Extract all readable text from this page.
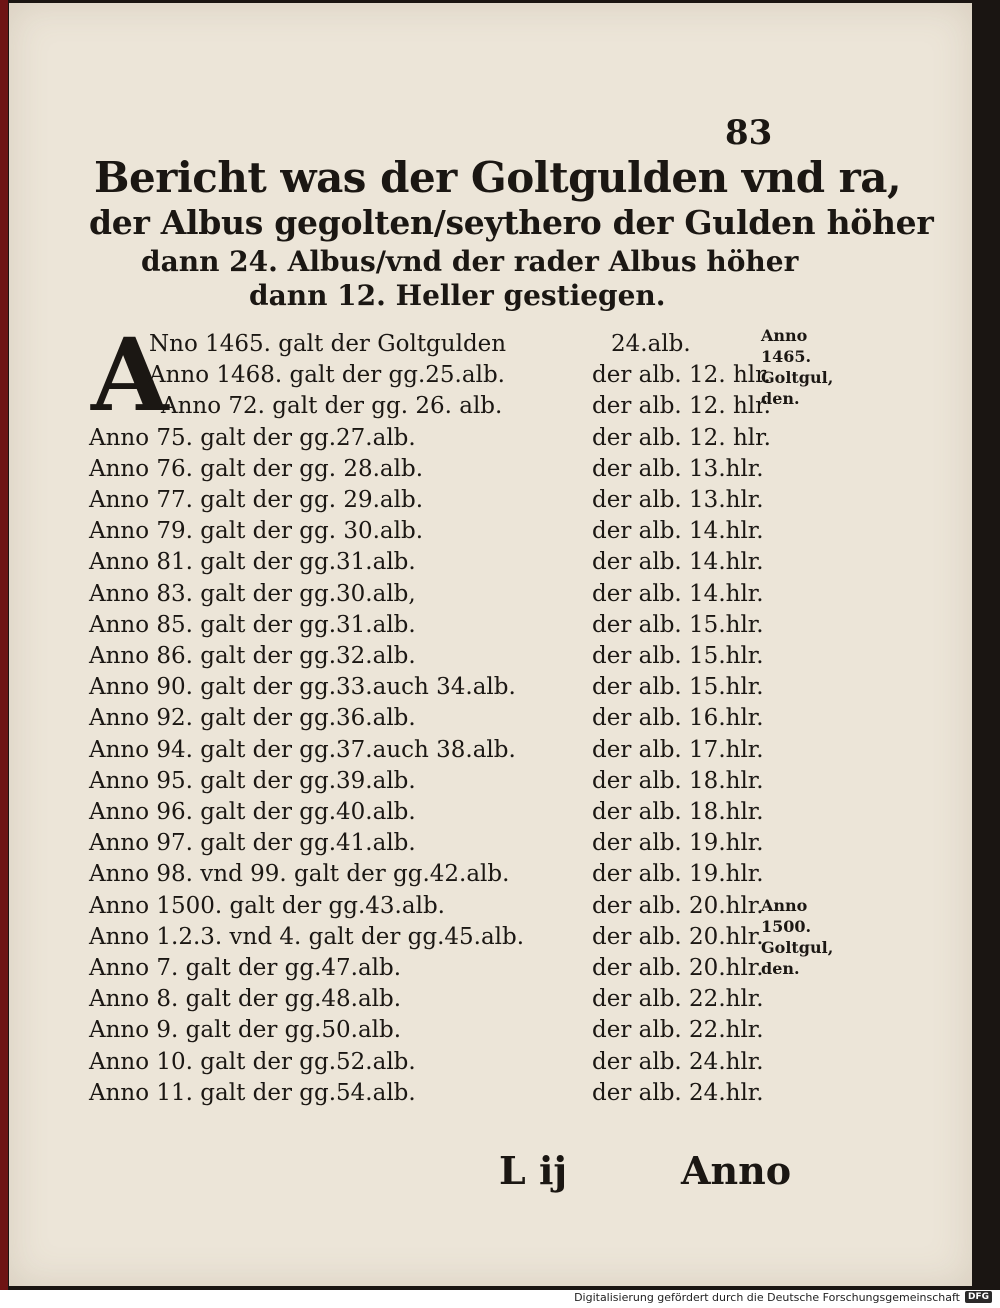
83
Bericht was der Goltgulden vnd ra,
der Albus gegolten/seythero der Gulden höher
dann 24. Albus/vnd der rader Albus höher
dann 12. Heller gestiegen.
A
Nno 1465. galt der Goltgulden	24.alb.
Anno 1468. galt der gg.25.alb.	der alb. 12. hlr.
Anno 72. galt der gg. 26. alb.	der alb. 12. hlr.
Anno 75. galt der gg.27.alb.	der alb. 12. hlr.
Anno 76. galt der gg. 28.alb.	der alb. 13.hlr.
Anno 77. galt der gg. 29.alb.	der alb. 13.hlr.
Anno 79. galt der gg. 30.alb.	der alb. 14.hlr.
Anno 81. galt der gg.31.alb.	der alb. 14.hlr.
Anno 83. galt der gg.30.alb,	der alb. 14.hlr.
Anno 85. galt der gg.31.alb.	der alb. 15.hlr.
Anno 86. galt der gg.32.alb.	der alb. 15.hlr.
Anno 90. galt der gg.33.auch 34.alb.	der alb. 15.hlr.
Anno 92. galt der gg.36.alb.	der alb. 16.hlr.
Anno 94. galt der gg.37.auch 38.alb.	der alb. 17.hlr.
Anno 95. galt der gg.39.alb.	der alb. 18.hlr.
Anno 96. galt der gg.40.alb.	der alb. 18.hlr.
Anno 97. galt der gg.41.alb.	der alb. 19.hlr.
Anno 98. vnd 99. galt der gg.42.alb.	der alb. 19.hlr.
Anno 1500. galt der gg.43.alb.	der alb. 20.hlr.
Anno 1.2.3. vnd 4. galt der gg.45.alb.	der alb. 20.hlr.
Anno 7. galt der gg.47.alb.	der alb. 20.hlr.
Anno 8. galt der gg.48.alb.	der alb. 22.hlr.
Anno 9. galt der gg.50.alb.	der alb. 22.hlr.
Anno 10. galt der gg.52.alb.	der alb. 24.hlr.
Anno 11. galt der gg.54.alb.	der alb. 24.hlr.
Anno
1465.
Goltgul,
den.
Anno
1500.
Goltgul,
den.
L ij	Anno
Digitalisierung gefördert durch die Deutsche Forschungsgemeinschaft DFG
